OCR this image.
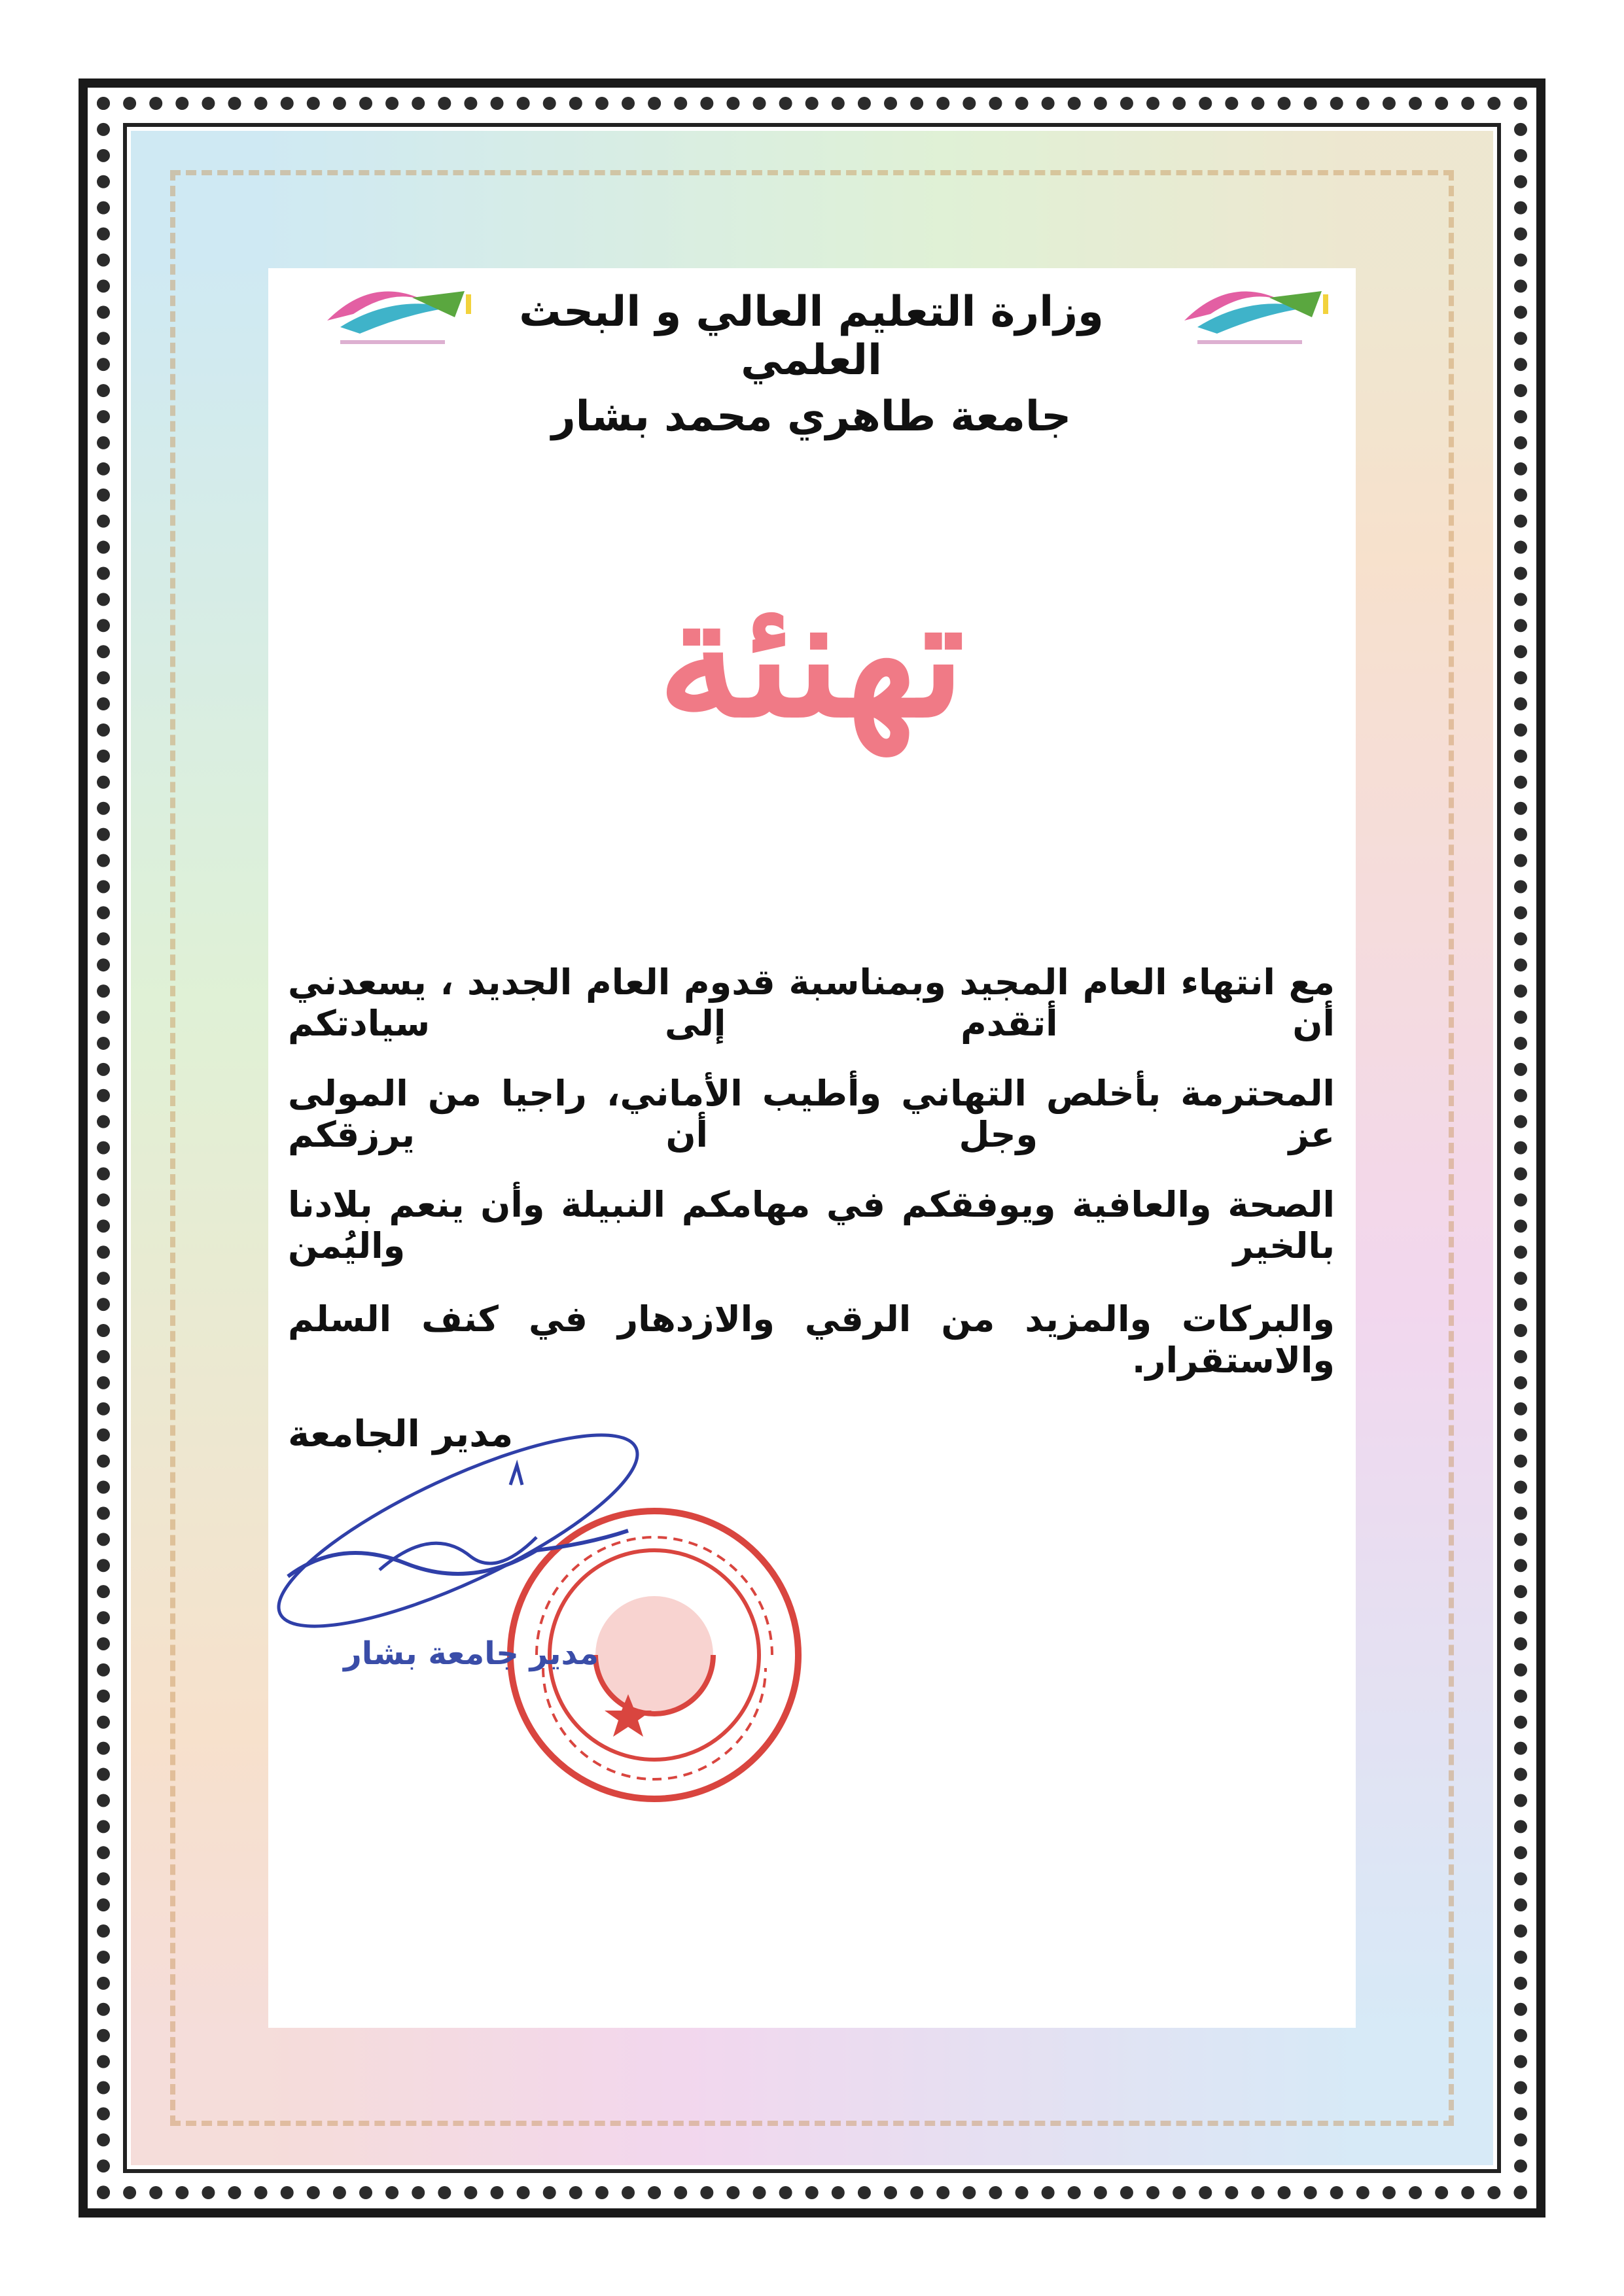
وزارة التعليم العالي و البحث العلمي
جامعة طاهري محمد بشار
تهنئة
مع انتهاء العام المجيد وبمناسبة قدوم العام الجديد ، يسعدني أن أتقدم إلى سيادتكم
المحترمة بأخلص التهاني وأطيب الأماني، راجيا من المولى عز وجل أن يرزقكم
الصحة والعافية ويوفقكم في مهامكم النبيلة وأن ينعم بلادنا بالخير واليُمن
والبركات والمزيد من الرقي والازدهار في كنف السلم والاستقرار.
مدير الجامعة
مدير جامعة بشار
